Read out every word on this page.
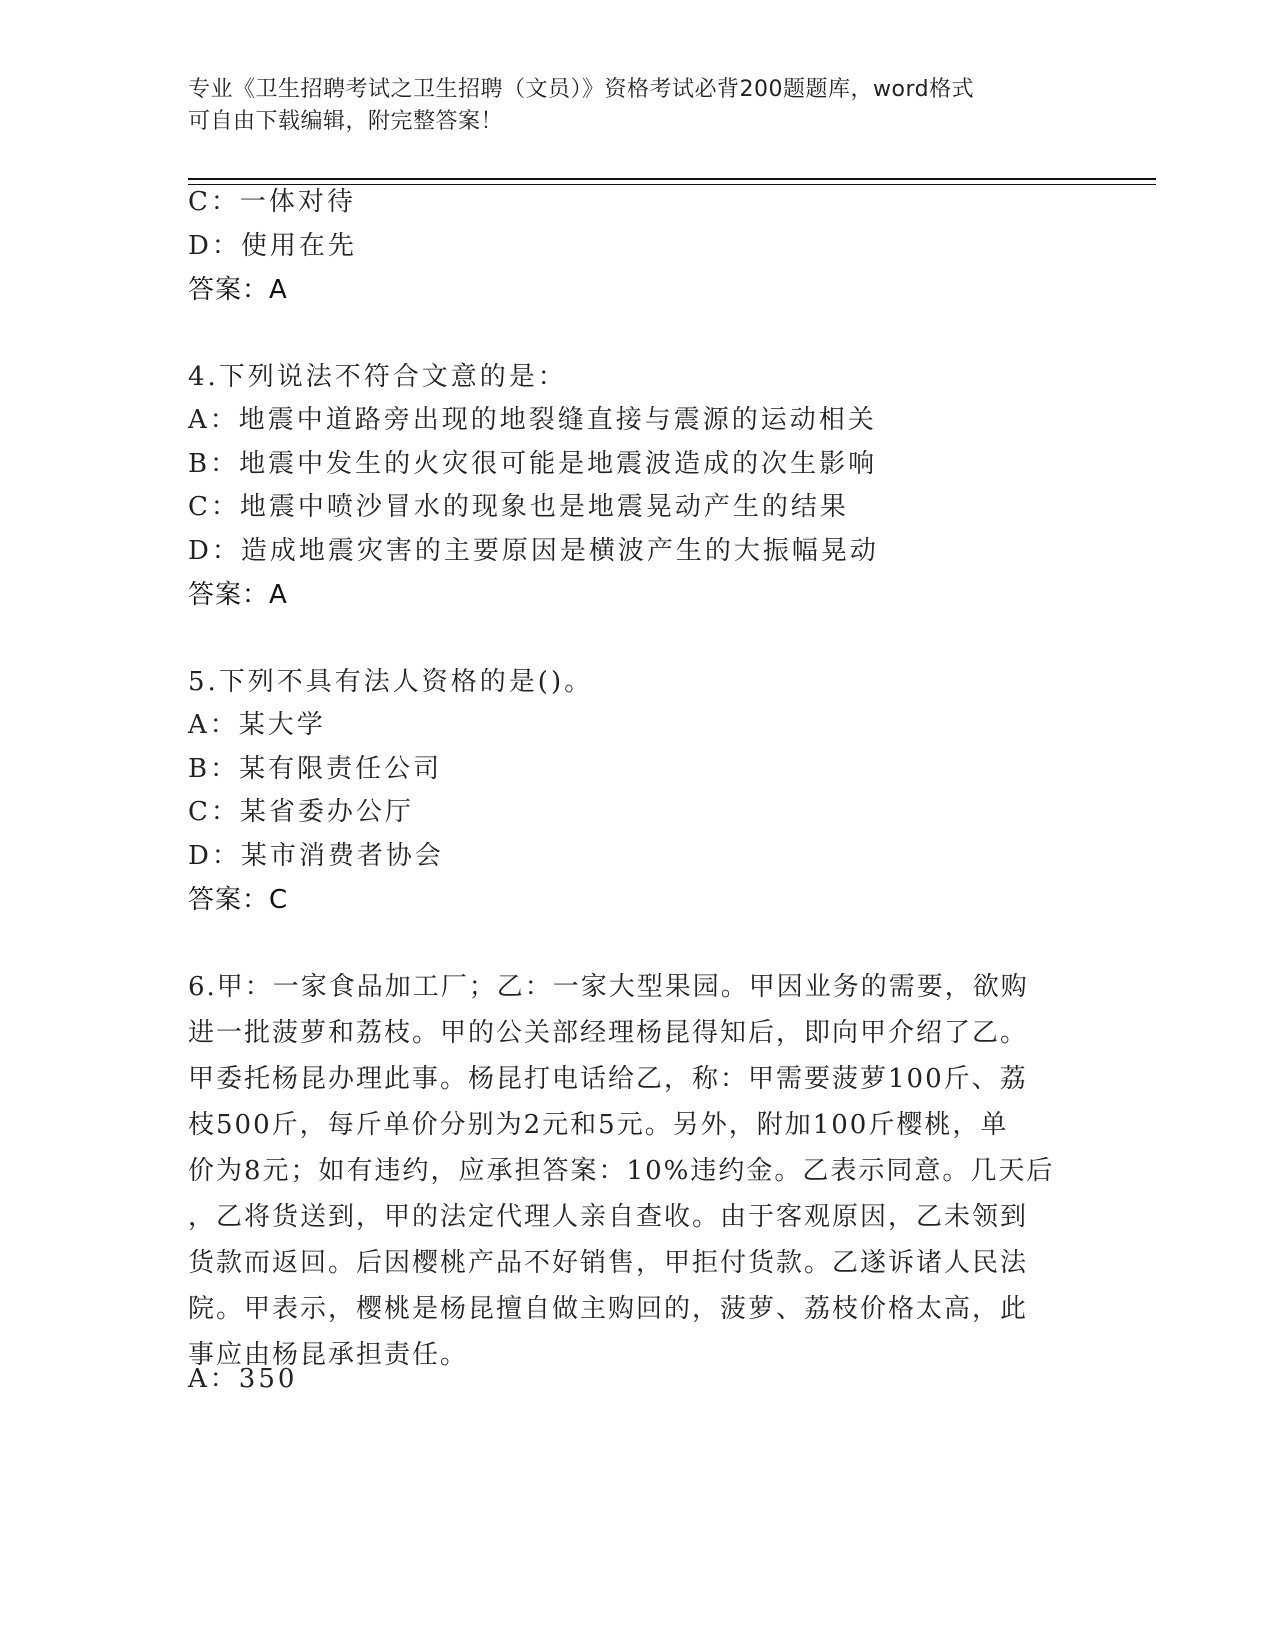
专业《卫生招聘考试之卫生招聘（文员）》资格考试必背200题题库，word格式
可自由下载编辑，附完整答案！
C：一体对待
D：使用在先
答案：A
4.下列说法不符合文意的是：
A：地震中道路旁出现的地裂缝直接与震源的运动相关
B：地震中发生的火灾很可能是地震波造成的次生影响
C：地震中喷沙冒水的现象也是地震晃动产生的结果
D：造成地震灾害的主要原因是横波产生的大振幅晃动
答案：A
5.下列不具有法人资格的是()。
A：某大学
B：某有限责任公司
C：某省委办公厅
D：某市消费者协会
答案：C
6.甲：一家食品加工厂；乙：一家大型果园。甲因业务的需要，欲购
进一批菠萝和荔枝。甲的公关部经理杨昆得知后，即向甲介绍了乙。
甲委托杨昆办理此事。杨昆打电话给乙，称：甲需要菠萝100斤、荔
枝500斤，每斤单价分别为2元和5元。另外，附加100斤樱桃，单
价为8元；如有违约，应承担答案：10%违约金。乙表示同意。几天后
，乙将货送到，甲的法定代理人亲自查收。由于客观原因，乙未领到
货款而返回。后因樱桃产品不好销售，甲拒付货款。乙遂诉诸人民法
院。甲表示，樱桃是杨昆擅自做主购回的，菠萝、荔枝价格太高，此
事应由杨昆承担责任。
A：350
